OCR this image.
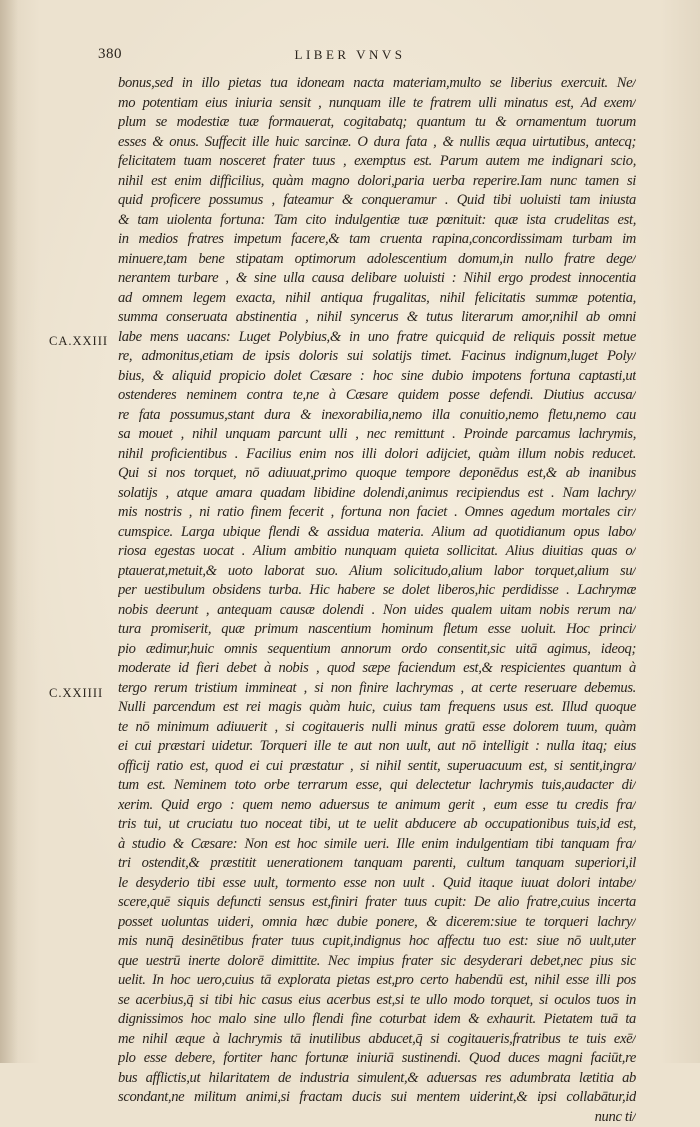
380	LIBER VNVS
CA.XXIII
C.XXIIII
bonus,sed in illo pietas tua idoneam nacta materiam,multo se liberius exercuit. Ne/
mo potentiam eius iniuria sensit , nunquam ille te fratrem ulli minatus est, Ad exem/
plum se modestiæ tuæ formauerat, cogitabatq; quantum tu & ornamentum tuorum
esses & onus. Suffecit ille huic sarcinæ. O dura fata , & nullis æqua uirtutibus, antecq;
felicitatem tuam nosceret frater tuus , exemptus est. Parum autem me indignari scio,
nihil est enim difficilius, quàm magno dolori,paria uerba reperire.Iam nunc tamen si
quid proficere possumus , fateamur & conqueramur . Quid tibi uoluisti tam iniusta
& tam uiolenta fortuna: Tam cito indulgentiæ tuæ pœnituit: quæ ista crudelitas est,
in medios fratres impetum facere,& tam cruenta rapina,concordissimam turbam im
minuere,tam bene stipatam optimorum adolescentium domum,in nullo fratre dege/
nerantem turbare , & sine ulla causa delibare uoluisti : Nihil ergo prodest innocentia
ad omnem legem exacta, nihil antiqua frugalitas, nihil felicitatis summæ potentia,
summa conseruata abstinentia , nihil syncerus & tutus literarum amor,nihil ab omni
labe mens uacans: Luget Polybius,& in uno fratre quicquid de reliquis possit metue
re, admonitus,etiam de ipsis doloris sui solatijs timet. Facinus indignum,luget Poly/
bius, & aliquid propicio dolet Cæsare : hoc sine dubio impotens fortuna captasti,ut
ostenderes neminem contra te,ne à Cæsare quidem posse defendi. Diutius accusa/
re fata possumus,stant dura & inexorabilia,nemo illa conuitio,nemo fletu,nemo cau
sa mouet , nihil unquam parcunt ulli , nec remittunt . Proinde parcamus lachrymis,
nihil proficientibus . Facilius enim nos illi dolori adijciet, quàm illum nobis reducet.
Qui si nos torquet, nō adiuuat,primo quoque tempore deponēdus est,& ab inanibus
solatijs , atque amara quadam libidine dolendi,animus recipiendus est . Nam lachry/
mis nostris , ni ratio finem fecerit , fortuna non faciet . Omnes agedum mortales cir/
cumspice. Larga ubique flendi & assidua materia. Alium ad quotidianum opus labo/
riosa egestas uocat . Alium ambitio nunquam quieta sollicitat. Alius diuitias quas o/
ptauerat,metuit,& uoto laborat suo. Alium solicitudo,alium labor torquet,alium su/
per uestibulum obsidens turba. Hic habere se dolet liberos,hic perdidisse . Lachrymæ
nobis deerunt , antequam causæ dolendi . Non uides qualem uitam nobis rerum na/
tura promiserit, quæ primum nascentium hominum fletum esse uoluit. Hoc princi/
pio ædimur,huic omnis sequentium annorum ordo consentit,sic uitā agimus, ideoq;
moderate id fieri debet à nobis , quod sæpe faciendum est,& respicientes quantum à
tergo rerum tristium immineat , si non finire lachrymas , at certe reseruare debemus.
Nulli parcendum est rei magis quàm huic, cuius tam frequens usus est. Illud quoque
te nō minimum adiuuerit , si cogitaueris nulli minus gratū esse dolorem tuum, quàm
ei cui præstari uidetur. Torqueri ille te aut non uult, aut nō intelligit : nulla itaq; eius
officij ratio est, quod ei cui præstatur , si nihil sentit, superuacuum est, si sentit,ingra/
tum est. Neminem toto orbe terrarum esse, qui delectetur lachrymis tuis,audacter di/
xerim. Quid ergo : quem nemo aduersus te animum gerit , eum esse tu credis fra/
tris tui, ut cruciatu tuo noceat tibi, ut te uelit abducere ab occupationibus tuis,id est,
à studio & Cæsare: Non est hoc simile ueri. Ille enim indulgentiam tibi tanquam fra/
tri ostendit,& præstitit uenerationem tanquam parenti, cultum tanquam superiori,il
le desyderio tibi esse uult, tormento esse non uult . Quid itaque iuuat dolori intabe/
scere,quē siquis defuncti sensus est,finiri frater tuus cupit: De alio fratre,cuius incerta
posset uoluntas uideri, omnia hæc dubie ponere, & dicerem:siue te torqueri lachry/
mis nunq̄ desinētibus frater tuus cupit,indignus hoc affectu tuo est: siue nō uult,uter
que uestrū inerte dolorē dimittite. Nec impius frater sic desyderari debet,nec pius sic
uelit. In hoc uero,cuius tā explorata pietas est,pro certo habendū est, nihil esse illi pos
se acerbius,q̄ si tibi hic casus eius acerbus est,si te ullo modo torquet, si oculos tuos in
dignissimos hoc malo sine ullo flendi fine coturbat idem & exhaurit. Pietatem tuā ta
me nihil æque à lachrymis tā inutilibus abducet,q̄ si cogitaueris,fratribus te tuis exē/
plo esse debere, fortiter hanc fortunæ iniuriā sustinendi. Quod duces magni faciūt,re
bus afflictis,ut hilaritatem de industria simulent,& aduersas res adumbrata lætitia ab
scondant,ne militum animi,si fractam ducis sui mentem uiderint,& ipsi collabātur,id
nunc ti/
